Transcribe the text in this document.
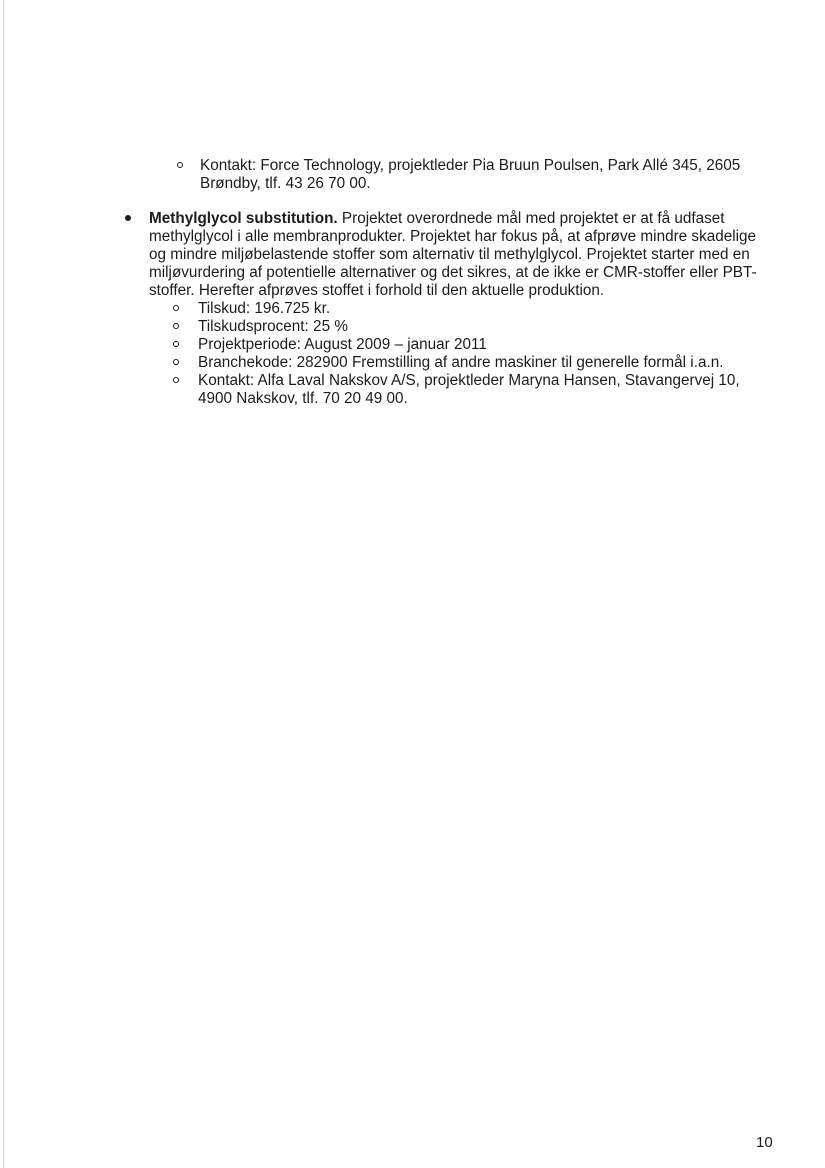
Kontakt: Force Technology, projektleder Pia Bruun Poulsen, Park Allé 345, 2605
Brøndby, tlf. 43 26 70 00.
Methylglycol substitution. Projektet overordnede mål med projektet er at få udfaset
methylglycol i alle membranprodukter. Projektet har fokus på, at afprøve mindre skadelige
og mindre miljøbelastende stoffer som alternativ til methylglycol. Projektet starter med en
miljøvurdering af potentielle alternativer og det sikres, at de ikke er CMR-stoffer eller PBT-
stoffer. Herefter afprøves stoffet i forhold til den aktuelle produktion.
Tilskud: 196.725 kr.
Tilskudsprocent: 25 %
Projektperiode: August 2009 – januar 2011
Branchekode: 282900 Fremstilling af andre maskiner til generelle formål i.a.n.
Kontakt: Alfa Laval Nakskov A/S, projektleder Maryna Hansen, Stavangervej 10,
4900 Nakskov, tlf. 70 20 49 00.
10
